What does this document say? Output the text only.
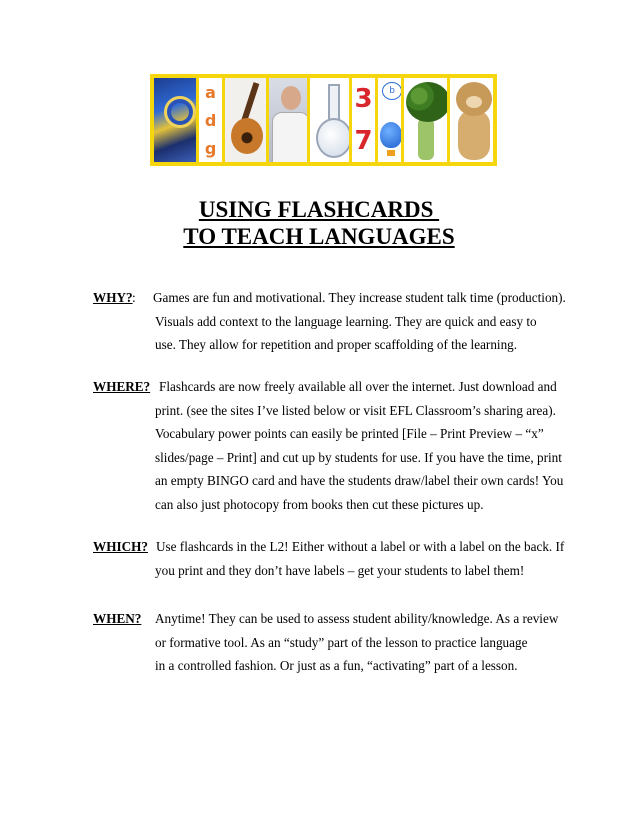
a
d
g
3
7
b
USING FLASHCARDS
TO TEACH LANGUAGES
WHY? : Games are fun and motivational. They increase student talk time (production).
Visuals add context to the language learning. They are quick and easy to
use. They allow for repetition and proper scaffolding of the learning.
WHERE? Flashcards are now freely available all over the internet. Just download and
print. (see the sites I’ve listed below or visit EFL Classroom’s sharing area).
Vocabulary power points can easily be printed [File – Print Preview – “x”
slides/page – Print] and cut up by students for use. If you have the time, print
an empty BINGO card and have the students draw/label their own cards! You
can also just photocopy from books then cut these pictures up.
WHICH? Use flashcards in the L2! Either without a label or with a label on the back. If
you print and they don’t have labels – get your students to label them!
WHEN? Anytime! They can be used to assess student ability/knowledge. As a review
or formative tool. As an “study” part of the lesson to practice language
in a controlled fashion. Or just as a fun, “activating” part of a lesson.
